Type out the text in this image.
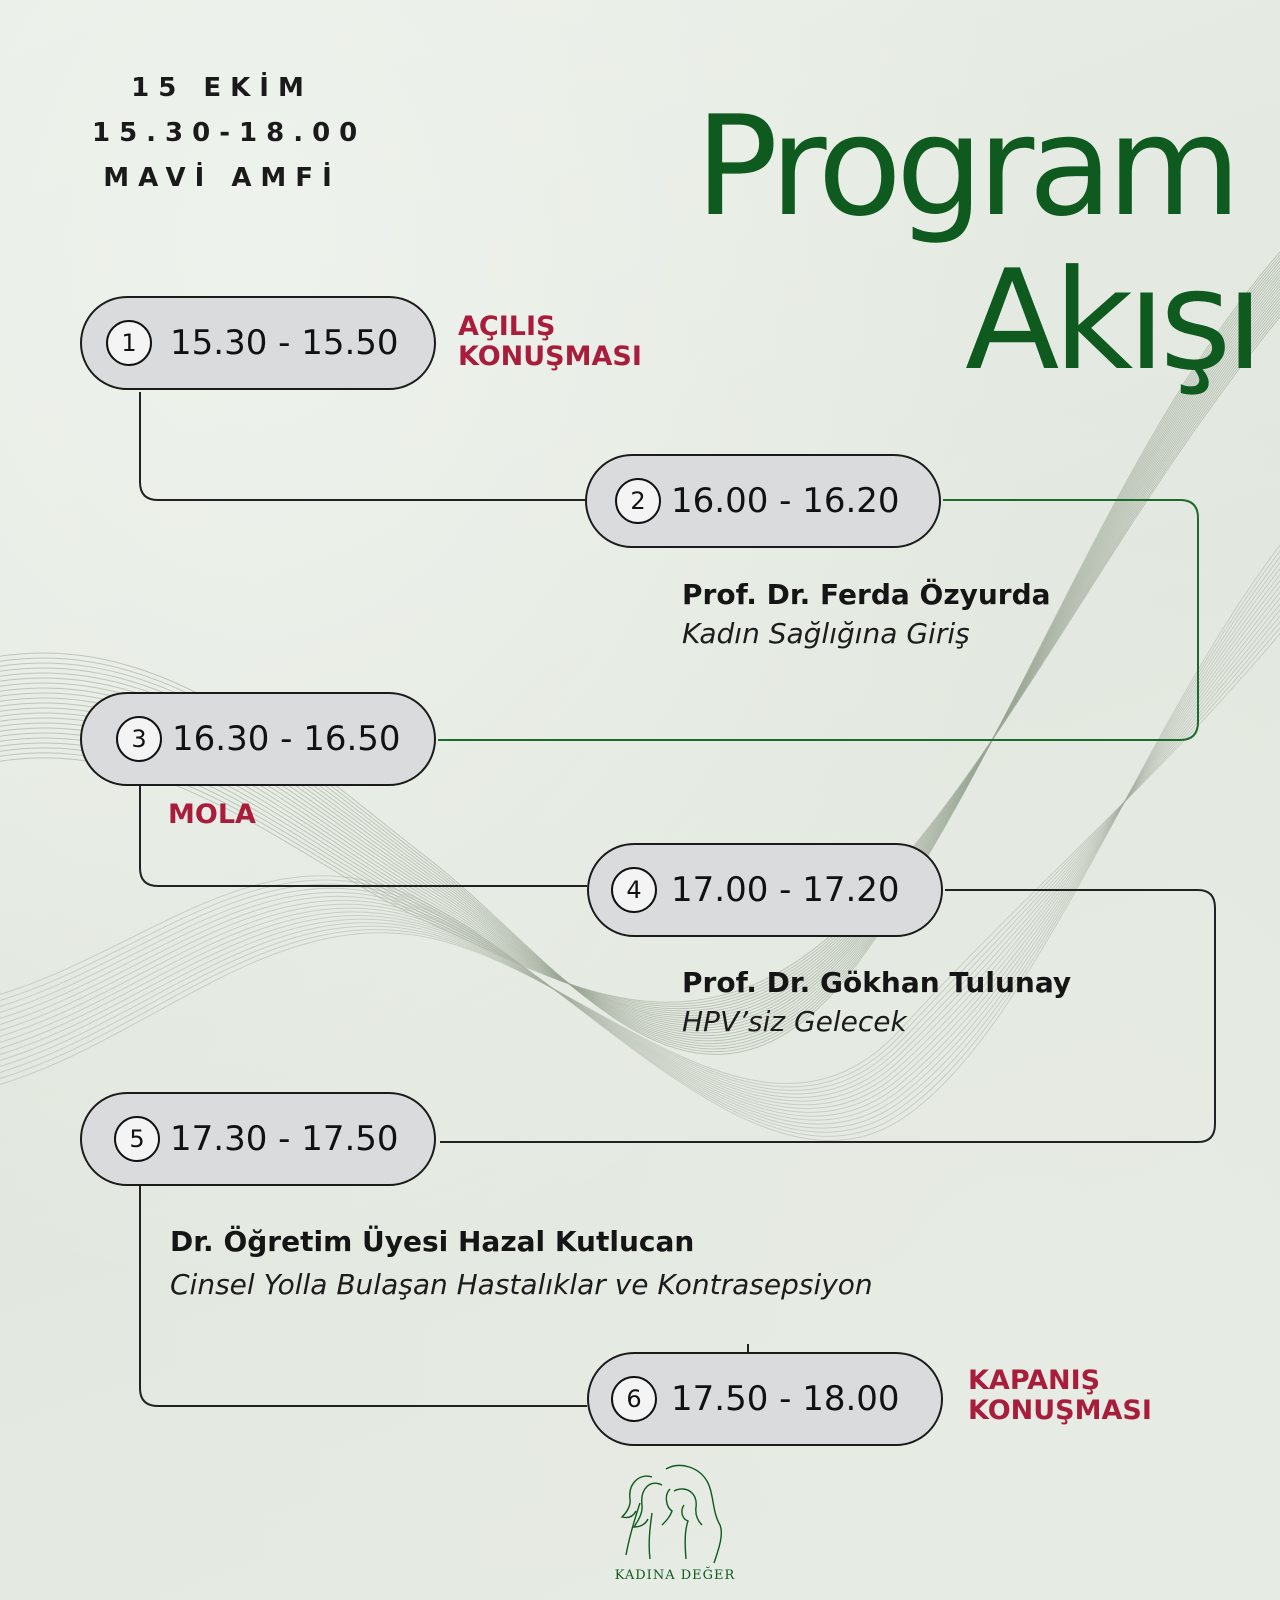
15 EKİM
15.30-18.00
MAVİ AMFİ	Program
Akışı
1 15.30 - 15.50 AÇILIŞ
KONUŞMASI
2 16.00 - 16.20
Prof. Dr. Ferda Özyurda
Kadın Sağlığına Giriş
3 16.30 - 16.50
MOLA
4 17.00 - 17.20
Prof. Dr. Gökhan Tulunay
HPV’siz Gelecek
5 17.30 - 17.50
Dr. Öğretim Üyesi Hazal Kutlucan
Cinsel Yolla Bulaşan Hastalıklar ve Kontrasepsiyon
6 17.50 - 18.00	KAPANIŞ
KONUŞMASI
KADINA DEĞER
